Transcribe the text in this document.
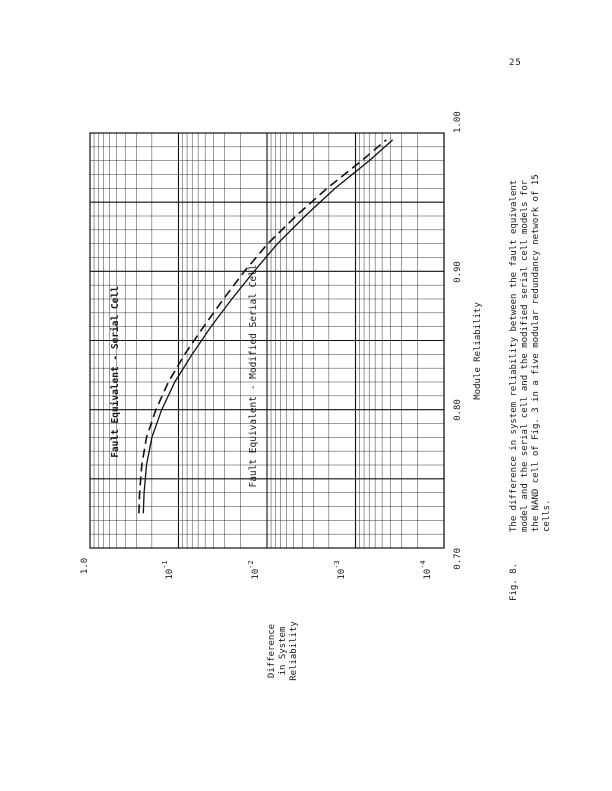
25
Fault Equivalent - Serial Cell	Fault Equivalent - Modified Serial Cell
0.70
0.80
0.90
1.00
1.0
$10^{-1}$
$10^{-2}$
$10^{-3}$
$10^{-4}$
Difference in System Reliability
Module Reliability
Fig. 8.
The difference in system reliability between the fault equivalent model and the serial cell and the modified serial cell models for the NAND cell of Fig. 3 in a five modular redundancy network of 15 cells.
